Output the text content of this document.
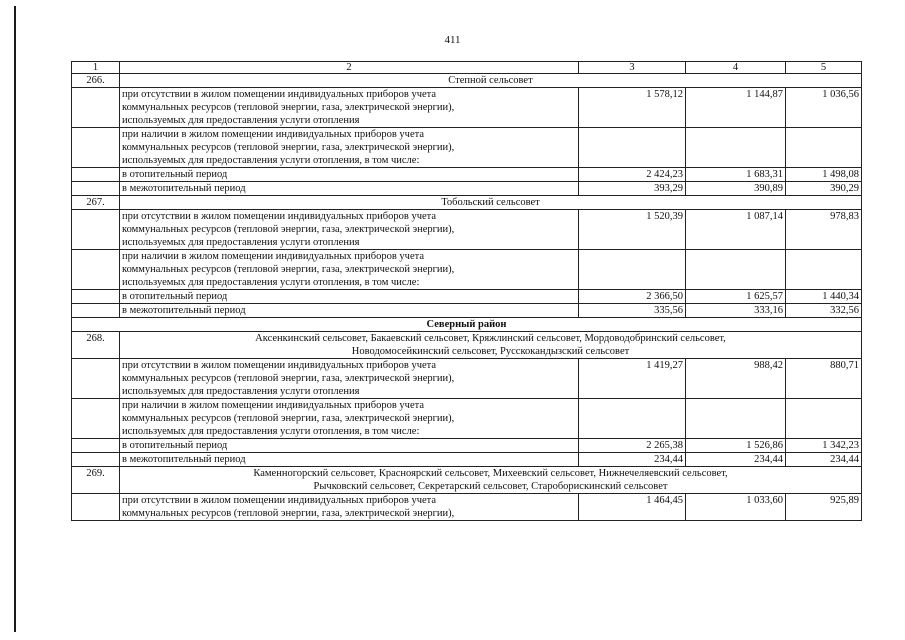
411
1	2	3	4	5
266.	Степной сельсовет			
	при отсутствии в жилом помещении индивидуальных приборов учета
коммунальных ресурсов (тепловой энергии, газа, электрической энергии),
используемых для предоставления услуги отопления	1 578,12	1 144,87	1 036,56
	при наличии в жилом помещении индивидуальных приборов учета
коммунальных ресурсов (тепловой энергии, газа, электрической энергии),
используемых для предоставления услуги отопления, в том числе:			
	в отопительный период	2 424,23	1 683,31	1 498,08
	в межотопительный период	393,29	390,89	390,29
267.	Тобольский сельсовет			
	при отсутствии в жилом помещении индивидуальных приборов учета
коммунальных ресурсов (тепловой энергии, газа, электрической энергии),
используемых для предоставления услуги отопления	1 520,39	1 087,14	978,83
	при наличии в жилом помещении индивидуальных приборов учета
коммунальных ресурсов (тепловой энергии, газа, электрической энергии),
используемых для предоставления услуги отопления, в том числе:			
	в отопительный период	2 366,50	1 625,57	1 440,34
	в межотопительный период	335,56	333,16	332,56
Северный район				
268.	Аксенкинский сельсовет, Бакаевский сельсовет, Кряжлинский сельсовет, Мордоводобринский сельсовет,
Новодомосейкинский сельсовет, Русскокандызский сельсовет			
	при отсутствии в жилом помещении индивидуальных приборов учета
коммунальных ресурсов (тепловой энергии, газа, электрической энергии),
используемых для предоставления услуги отопления	1 419,27	988,42	880,71
	при наличии в жилом помещении индивидуальных приборов учета
коммунальных ресурсов (тепловой энергии, газа, электрической энергии),
используемых для предоставления услуги отопления, в том числе:			
	в отопительный период	2 265,38	1 526,86	1 342,23
	в межотопительный период	234,44	234,44	234,44
269.	Каменногорский сельсовет, Красноярский сельсовет, Михеевский сельсовет, Нижнечеляевский сельсовет,
Рычковский сельсовет, Секретарский сельсовет, Староборискинский сельсовет			
	при отсутствии в жилом помещении индивидуальных приборов учета
коммунальных ресурсов (тепловой энергии, газа, электрической энергии),	1 464,45	1 033,60	925,89
